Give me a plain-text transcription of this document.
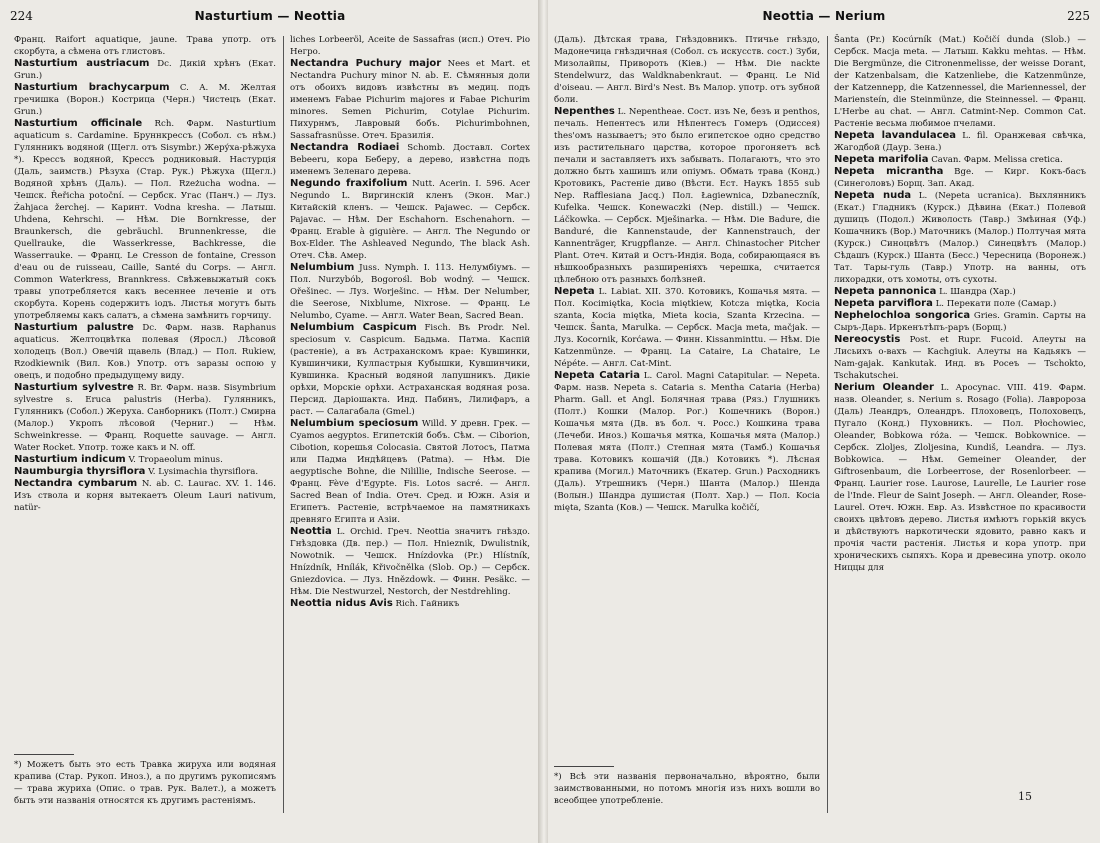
224	Nasturtium — Neottia
Франц. Raifort aquatique, jaune. Трава употр. отъ скорбута, а сѣмена отъ глистовъ.
Nasturtium austriacum Dc. Дикій хрѣнъ (Екат. Grun.)
Nasturtium brachycarpum C. A. M. Желтая гречишка (Ворон.) Кострица (Черн.) Чистецъ (Екат. Grun.)
Nasturtium officinale Rch. Фарм. Nasturtium aquaticum s. Cardamine. Бруннкрессъ (Собол. съ нѣм.) Гулянникъ водяной (Щегл. отъ Sisymbr.) Жерýха-рѣжуха *). Крессъ водяной, Крессъ родниковый. Настурція (Даль, заимств.) Рѣзуха (Стар. Рук.) Рѣжуха (Щегл.) Водяной хрѣнъ (Даль). — Пол. Rzeżucha wodna. — Чешск. Řeřicha potoční. — Сербск. Угас (Панч.) — Луз. Żahjaca žerchej. — Каринт. Vodna kresha. — Латыш. Uhdena, Kehrschi. — Нѣм. Die Bornkresse, der Braunkersch, die gebräuchl. Brunnenkresse, die Quellrauke, die Wasserkresse, Bachkresse, die Wasserrauke. — Франц. Le Cresson de fontaine, Cresson d'eau ou de ruisseau, Caille, Santé du Corps. — Англ. Common Waterkress, Brannkress. Свѣжевыжатый сокъ травы употребляется какъ весеннее леченіе и отъ скорбута. Корень содержитъ іодъ. Листья могутъ быть употребляемы какъ салатъ, а сѣмена замѣнить горчицу.
Nasturtium palustre Dc. Фарм. назв. Raphanus aquaticus. Желтоцвѣтка полевая (Яросл.) Лѣсовой холодецъ (Вол.) Овечій щавель (Влад.) — Пол. Rukiew, Rzodkiewnik (Вил. Ков.) Употр. отъ заразы оспою у овецъ, и подобно предыдущему виду.
Nasturtium sylvestre R. Br. Фарм. назв. Sisymbrium sylvestre s. Eruca palustris (Herba). Гулянникъ, Гулянникъ (Собол.) Жеруха. Санборникъ (Полт.) Смирна (Малор.) Укропъ лѣсовой (Черниг.) — Нѣм. Schweinkresse. — Франц. Roquette sauvage. — Англ. Water Rocket. Употр. тоже какъ и N. off.
Nasturtium indicum V. Tropaeolum minus.
Naumburgia thyrsiflora V. Lysimachia thyrsiflora.
Nectandra cymbarum N. ab. C. Laurac. XV. 1. 146. Изъ ствола и корня вытекаетъ Oleum Lauri nativum, natür-
liches Lorbeeröl, Aceite de Sassafras (исп.) Отеч. Ріо Негро.
Nectandra Puchury major Nees et Mart. et Nectandra Puchury minor N. ab. E. Сѣмянныя доли отъ обоихъ видовъ извѣстны въ медиц. подъ именемъ Fabae Pichurim majores и Fabae Pichurim minores. Semen Pichurim, Cotylae Pichurim. Пихурнмъ, Лавровый бобъ. Pichurimbohnen, Sassafrasnüsse. Отеч. Бразилія.
Nectandra Rodiaei Schomb. Доставл. Cortex Bebeeru, кора Беберу, а дерево, извѣстна подъ именемъ Зеленаго дерева.
Negundo fraxifolium Nutt. Acerin. I. 596. Acer Negundo L. Виргинскій кленъ (Экон. Маг.) Китайскій кленъ. — Чешск. Pajawec. — Сербск. Pajavac. — Нѣм. Der Eschahorn. Eschenahorn. — Франц. Erable à giguière. — Англ. The Negundo or Box-Elder. The Ashleaved Negundo, The black Ash. Отеч. Сѣв. Амер.
Nelumbium Juss. Nymph. I. 113. Нелумбіумъ. — Пол. Nurzybób, Bogorośl. Bob wodný. — Чешск. Ořešinec. — Луз. Worješinc. — Нѣм. Der Nelumber, die Seerose, Nixblume, Nixrose. — Франц. Le Nelumbo, Cyame. — Англ. Water Bean, Sacred Bean.
Nelumbium Caspicum Fisch. Въ Prodr. Nel. speciosum v. Caspicum. Бадьма. Патма. Каспій (растеніе), а въ Астраханскомъ крае: Кувшинки, Кувшинчики, Кулпастрыя Кубышки, Кувшинчики, Кувшинка. Красный водяной лапушникъ. Дикіе орѣхи, Морскіе орѣхи. Астраханская водяная роза. Персид. Даріошакта. Инд. Пабинъ, Лилифаръ, а раст. — Салагабала (Gmel.)
Nelumbium speciosum Willd. У древн. Грек. — Cyamos aegyptos. Египетскій бобъ. Сѣм. — Ciborion, Cibotion, корешья Colocasia. Святой Лотосъ, Патма или Падма Индѣйцевъ (Patma). — Нѣм. Die aegyptische Bohne, die Nilillie, Indische Seerose. — Франц. Fève d'Egypte. Fis. Lotos sacré. — Англ. Sacred Bean of India. Отеч. Сред. и Южн. Азія и Египетъ. Растеніе, встрѣчаемое на памятникахъ древняго Египта и Азіи.
Neottia L. Orchid. Греч. Neottia значитъ гнѣздо. Гнѣздовка (Дв. пер.) — Пол. Hnieznik, Dwulistnik, Nowotnik. — Чешск. Hnízdovka (Pr.) Hlístník, Hnízdník, Hnílák, Křivočnělka (Slob. Op.) — Сербск. Gniezdovica. — Луз. Hnězdowk. — Финн. Pesäkc. — Нѣм. Die Nestwurzel, Nestorch, der Nestdrehling.
Neottia nidus Avis Rich. Гайникъ
*) Можетъ быть это есть Травка жируха или водяная крапива (Стар. Рукоп. Иноз.), а по другимъ рукописямъ — трава журиха (Опис. о трав. Рук. Валет.), а можетъ быть эти названія относятся къ другимъ растеніямъ.
Neottia — Nerium	225
(Даль). Дѣтская трава, Гнѣздовникъ. Птичье гнѣздо, Мадонечица гнѣздичная (Собол. съ искусств. сост.) Зуби, Мизолайпы, Привороть (Кіев.) — Нѣм. Die nackte Stendelwurz, das Waldknabenkraut. — Франц. Le Nid d'oiseau. — Англ. Bird's Nest. Въ Малор. употр. отъ зубной боли.
Nepenthes L. Nepentheae. Сост. изъ Ne, безъ и penthos, печаль. Непентесъ или Нѣпентесъ Гомеръ (Одиссея) thes'омъ называетъ; это было египетское одно средство изъ растительнаго царства, которое прогоняетъ всѣ печали и заставляетъ ихъ забывать. Полагаютъ, что это должно быть хашишъ или опіумъ. Обмать трава (Конд.) Кротовикъ, Растеніе диво (Вѣсти. Ест. Наукъ 1855 sub Nep. Rafflesiana Jacq.) Пол. Łagiewnica, Dzbaneczník, Kufelka. Чешск. Konewaczki (Nep. distill.) — Чешск. Láčkowka. — Сербск. Mješinarka. — Нѣм. Die Badure, die Banduré, die Kannenstaude, der Kannenstrauch, der Kannenträger, Krugpflanze. — Англ. Chinastocher Pitcher Plant. Отеч. Китай и Остъ-Индія. Вода, собирающаяся въ нѣшкообразныхъ разширеніяхъ черешка, считается цѣлебною отъ разныхъ болѣзней.
Nepeta L. Labiat. XII. 370. Котовикъ, Кошачья мята. — Пол. Kocimiętka, Kocia miętkiew, Kotcza miętka, Kocia szanta, Kocia miętka, Mieta kocia, Szanta Krzecina. — Чешск. Šanta, Marulka. — Сербск. Macja meta, mačjak. — Луз. Kocornik, Korćawa. — Финн. Kissanminttu. — Нѣм. Die Katzenmünze. — Франц. La Cataire, La Chataire, Le Népéte. — Англ. Cat-Mint.
Nepeta Cataria L. Carol. Magni Catapitular. — Nepeta. Фарм. назв. Nepeta s. Cataria s. Mentha Cataria (Herba) Pharm. Gall. et Angl. Болячная трава (Ряз.) Глушникъ (Полт.) Кошки (Малор. Рог.) Кошечникъ (Ворон.) Кошачья мята (Дв. въ бол. ч. Росс.) Кошкина трава (Лечеби. Иноз.) Кошачья мятка, Кошачья мята (Малор.) Полевая мята (Полт.) Степная мята (Тамб.) Кошачья трава. Котовикъ кошачій (Дв.) Котовикъ *). Лѣсная крапива (Могил.) Маточникъ (Екатер. Grun.) Расходникъ (Даль). Утрешникъ (Черн.) Шанта (Малор.) Шенда (Волын.) Шандра душистая (Полт. Хар.) — Пол. Kocia mięta, Szanta (Ков.) — Чешск. Marulka kočičí,
Šanta (Pr.) Kocúrník (Mat.) Kočičí dunda (Slob.) — Сербск. Macja meta. — Латыш. Kakku mehtas. — Нѣм. Die Bergmünze, die Citronenmelisse, der weisse Dorant, der Katzenbalsam, die Katzenliebe, die Katzenmünze, der Katzennepp, die Katzennessel, die Mariennessel, der Mariensteín, die Steinmünze, die Steinnessel. — Франц. L'Herbe au chat. — Англ. Catmint-Nep. Common Cat. Растеніе весьма любимое пчелами.
Nepeta lavandulacea L. fil. Оранжевая свѣчка, Жагодбой (Даур. Зена.)
Nepeta marifolia Cavan. Фарм. Melissa cretica.
Nepeta micrantha Bge. — Кирг. Кокъ-басъ (Синеголовъ) Борщ. Зап. Акад.
Nepeta nuda L. (Nepeta ucranica). Выхлянникъ (Екат.) Гладникъ (Курск.) Дѣвина (Екат.) Полевой душицъ (Подол.) Живолость (Тавр.) Змѣиная (Уф.) Кошачникъ (Вор.) Маточникъ (Малор.) Полтучая мята (Курск.) Синоцвѣтъ (Малор.) Синецвѣтъ (Малор.) Сѣдашъ (Курск.) Шанта (Бесс.) Чересница (Воронеж.) Тат. Тары-гуль (Тавр.) Употр. на ванны, отъ лихорадки, отъ хомоты, отъ сухоты.
Nepeta pannonica L. Шандра (Хар.)
Nepeta parviflora L. Перекати поле (Самар.)
Nephelochloa songorica Gries. Gramin. Сарты на Сыръ-Дарь. Иркенътѣпъ-раръ (Борщ.)
Nereocystis Post. et Rupr. Fucoid. Алеуты на Лисьихъ о-вахъ — Kachgiuk. Алеуты на Кадьякъ — Nam-gajak. Kankutak. Инд. въ Росеъ — Tschokto, Tschakutschei.
Nerium Oleander L. Apocynac. VIII. 419. Фарм. назв. Oleander, s. Nerium s. Rosago (Folia). Лавророза (Даль) Леандръ, Олеандръ. Плоховецъ, Полоховецъ, Пугало (Конд.) Пуховникъ. — Пол. Płochowiec, Oleander, Bobkowa róża. — Чешск. Bobkownice. — Сербск. Zloljes, Zloljesina, Kundiš, Leandra. — Луз. Bobkowica. — Нѣм. Gemeiner Oleander, der Giftrosenbaum, die Lorbeerrose, der Rosenlorbeer. — Франц. Laurier rose. Laurose, Laurelle, Le Laurier rose de l'Inde. Fleur de Saint Joseph. — Англ. Oleander, Rose-Laurel. Отеч. Южн. Евр. Аз. Извѣстное по красивости своихъ цвѣтовъ дерево. Листья имѣютъ горькій вкусъ и дѣйствуютъ наркотически ядовито, равно какъ и прочія части растенія. Листья и кора употр. при хроническихъ сыпяхъ. Кора и древесина употр. около Ниццы для
*) Всѣ эти названія первоначально, вѣроятно, были заимствованными, но потомъ многія изъ нихъ вошли во всеобщее употребленіе.	15
